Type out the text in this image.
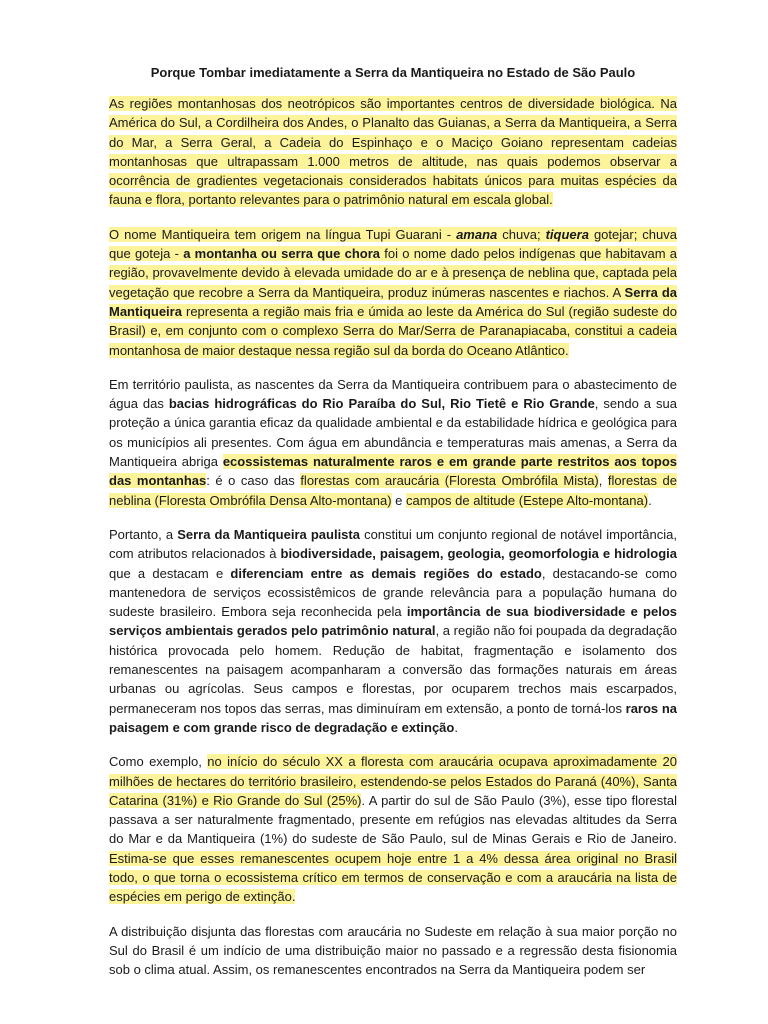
Porque Tombar imediatamente a Serra da Mantiqueira no Estado de São Paulo

As regiões montanhosas dos neotrópicos são importantes centros de diversidade biológica. Na América do Sul, a Cordilheira dos Andes, o Planalto das Guianas, a Serra da Mantiqueira, a Serra do Mar, a Serra Geral, a Cadeia do Espinhaço e o Maciço Goiano representam cadeias montanhosas que ultrapassam 1.000 metros de altitude, nas quais podemos observar a ocorrência de gradientes vegetacionais considerados habitats únicos para muitas espécies da fauna e flora, portanto relevantes para o patrimônio natural em escala global.

O nome Mantiqueira tem origem na língua Tupi Guarani - amana chuva; tiquera gotejar; chuva que goteja - a montanha ou serra que chora foi o nome dado pelos indígenas que habitavam a região, provavelmente devido à elevada umidade do ar e à presença de neblina que, captada pela vegetação que recobre a Serra da Mantiqueira, produz inúmeras nascentes e riachos. A Serra da Mantiqueira representa a região mais fria e úmida ao leste da América do Sul (região sudeste do Brasil) e, em conjunto com o complexo Serra do Mar/Serra de Paranapiacaba, constitui a cadeia montanhosa de maior destaque nessa região sul da borda do Oceano Atlântico.

Em território paulista, as nascentes da Serra da Mantiqueira contribuem para o abastecimento de água das bacias hidrográficas do Rio Paraíba do Sul, Rio Tietê e Rio Grande, sendo a sua proteção a única garantia eficaz da qualidade ambiental e da estabilidade hídrica e geológica para os municípios ali presentes. Com água em abundância e temperaturas mais amenas, a Serra da Mantiqueira abriga ecossistemas naturalmente raros e em grande parte restritos aos topos das montanhas: é o caso das florestas com araucária (Floresta Ombrófila Mista), florestas de neblina (Floresta Ombrófila Densa Alto-montana) e campos de altitude (Estepe Alto-montana).

Portanto, a Serra da Mantiqueira paulista constitui um conjunto regional de notável importância, com atributos relacionados à biodiversidade, paisagem, geologia, geomorfologia e hidrologia que a destacam e diferenciam entre as demais regiões do estado, destacando-se como mantenedora de serviços ecossistêmicos de grande relevância para a população humana do sudeste brasileiro. Embora seja reconhecida pela importância de sua biodiversidade e pelos serviços ambientais gerados pelo patrimônio natural, a região não foi poupada da degradação histórica provocada pelo homem. Redução de habitat, fragmentação e isolamento dos remanescentes na paisagem acompanharam a conversão das formações naturais em áreas urbanas ou agrícolas. Seus campos e florestas, por ocuparem trechos mais escarpados, permaneceram nos topos das serras, mas diminuíram em extensão, a ponto de torná-los raros na paisagem e com grande risco de degradação e extinção.

Como exemplo, no início do século XX a floresta com araucária ocupava aproximadamente 20 milhões de hectares do território brasileiro, estendendo-se pelos Estados do Paraná (40%), Santa Catarina (31%) e Rio Grande do Sul (25%). A partir do sul de São Paulo (3%), esse tipo florestal passava a ser naturalmente fragmentado, presente em refúgios nas elevadas altitudes da Serra do Mar e da Mantiqueira (1%) do sudeste de São Paulo, sul de Minas Gerais e Rio de Janeiro. Estima-se que esses remanescentes ocupem hoje entre 1 a 4% dessa área original no Brasil todo, o que torna o ecossistema crítico em termos de conservação e com a araucária na lista de espécies em perigo de extinção.

A distribuição disjunta das florestas com araucária no Sudeste em relação à sua maior porção no Sul do Brasil é um indício de uma distribuição maior no passado e a regressão desta fisionomia sob o clima atual. Assim, os remanescentes encontrados na Serra da Mantiqueira podem ser
